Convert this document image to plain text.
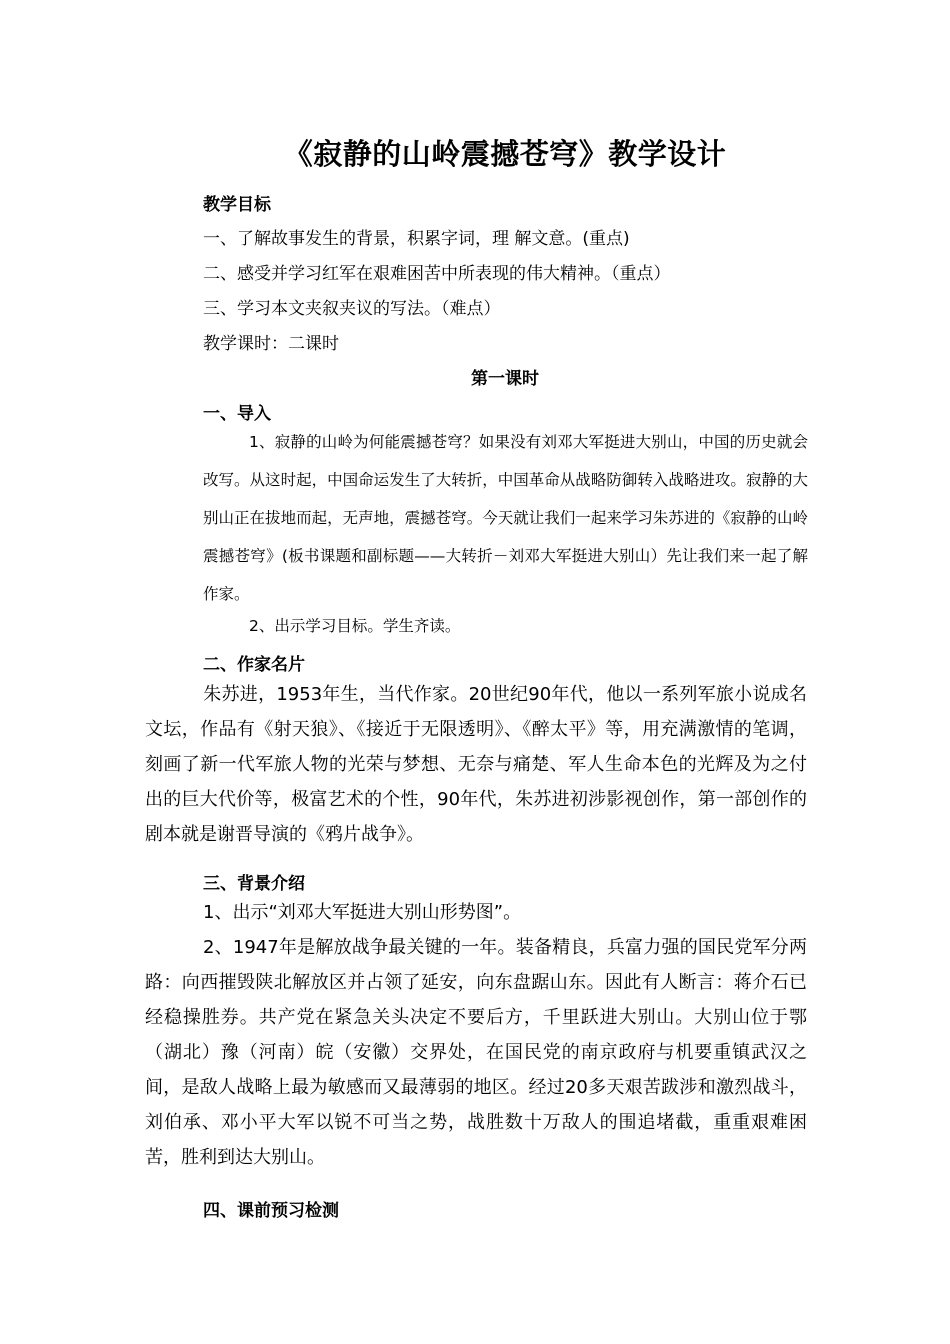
《寂静的山岭震撼苍穹》教学设计
教学目标
一、了解故事发生的背景，积累字词，理 解文意。(重点)
二、感受并学习红军在艰难困苦中所表现的伟大精神。（重点）
三、学习本文夹叙夹议的写法。（难点）
教学课时：二课时
第一课时
一、导入
1、寂静的山岭为何能震撼苍穹？如果没有刘邓大军挺进大别山，中国的历史就会改写。从这时起，中国命运发生了大转折，中国革命从战略防御转入战略进攻。寂静的大别山正在拔地而起，无声地，震撼苍穹。今天就让我们一起来学习朱苏进的《寂静的山岭震撼苍穹》(板书课题和副标题——大转折－刘邓大军挺进大别山）先让我们来一起了解作家。
2、出示学习目标。学生齐读。
二、作家名片
朱苏进，1953年生，当代作家。20世纪90年代，他以一系列军旅小说成名文坛，作品有《射天狼》、《接近于无限透明》、《醉太平》等，用充满激情的笔调，刻画了新一代军旅人物的光荣与梦想、无奈与痛楚、军人生命本色的光辉及为之付出的巨大代价等，极富艺术的个性，90年代，朱苏进初涉影视创作，第一部创作的剧本就是谢晋导演的《鸦片战争》。
三、背景介绍
1、出示“刘邓大军挺进大别山形势图”。
2、1947年是解放战争最关键的一年。装备精良，兵富力强的国民党军分两路：向西摧毁陕北解放区并占领了延安，向东盘踞山东。因此有人断言：蒋介石已经稳操胜券。共产党在紧急关头决定不要后方，千里跃进大别山。大别山位于鄂（湖北）豫（河南）皖（安徽）交界处，在国民党的南京政府与机要重镇武汉之间，是敌人战略上最为敏感而又最薄弱的地区。经过20多天艰苦跋涉和激烈战斗，刘伯承、邓小平大军以锐不可当之势，战胜数十万敌人的围追堵截，重重艰难困苦，胜利到达大别山。
四、课前预习检测
